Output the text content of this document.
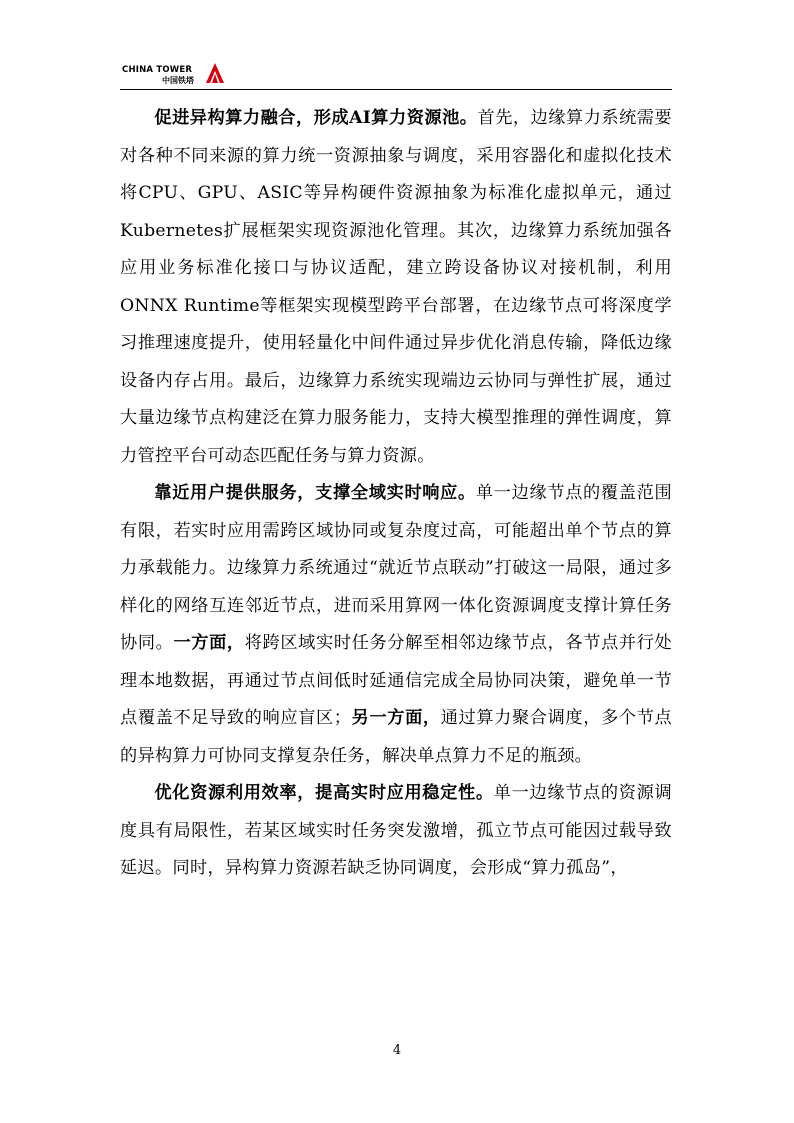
CHINA TOWER
中国铁塔

促进异构算力融合，形成AI算力资源池。首先，边缘算力系统需要对各种不同来源的算力统一资源抽象与调度，采用容器化和虚拟化技术将CPU、GPU、ASIC等异构硬件资源抽象为标准化虚拟单元，通过Kubernetes扩展框架实现资源池化管理。其次，边缘算力系统加强各应用业务标准化接口与协议适配，建立跨设备协议对接机制，利用ONNX Runtime等框架实现模型跨平台部署，在边缘节点可将深度学习推理速度提升，使用轻量化中间件通过异步优化消息传输，降低边缘设备内存占用。最后，边缘算力系统实现端边云协同与弹性扩展，通过大量边缘节点构建泛在算力服务能力，支持大模型推理的弹性调度，算力管控平台可动态匹配任务与算力资源。

靠近用户提供服务，支撑全域实时响应。单一边缘节点的覆盖范围有限，若实时应用需跨区域协同或复杂度过高，可能超出单个节点的算力承载能力。边缘算力系统通过“就近节点联动”打破这一局限，通过多样化的网络互连邻近节点，进而采用算网一体化资源调度支撑计算任务协同。一方面，将跨区域实时任务分解至相邻边缘节点，各节点并行处理本地数据，再通过节点间低时延通信完成全局协同决策，避免单一节点覆盖不足导致的响应盲区；另一方面，通过算力聚合调度，多个节点的异构算力可协同支撑复杂任务，解决单点算力不足的瓶颈。

优化资源利用效率，提高实时应用稳定性。单一边缘节点的资源调度具有局限性，若某区域实时任务突发激增，孤立节点可能因过载导致延迟。同时，异构算力资源若缺乏协同调度，会形成“算力孤岛”，

4
